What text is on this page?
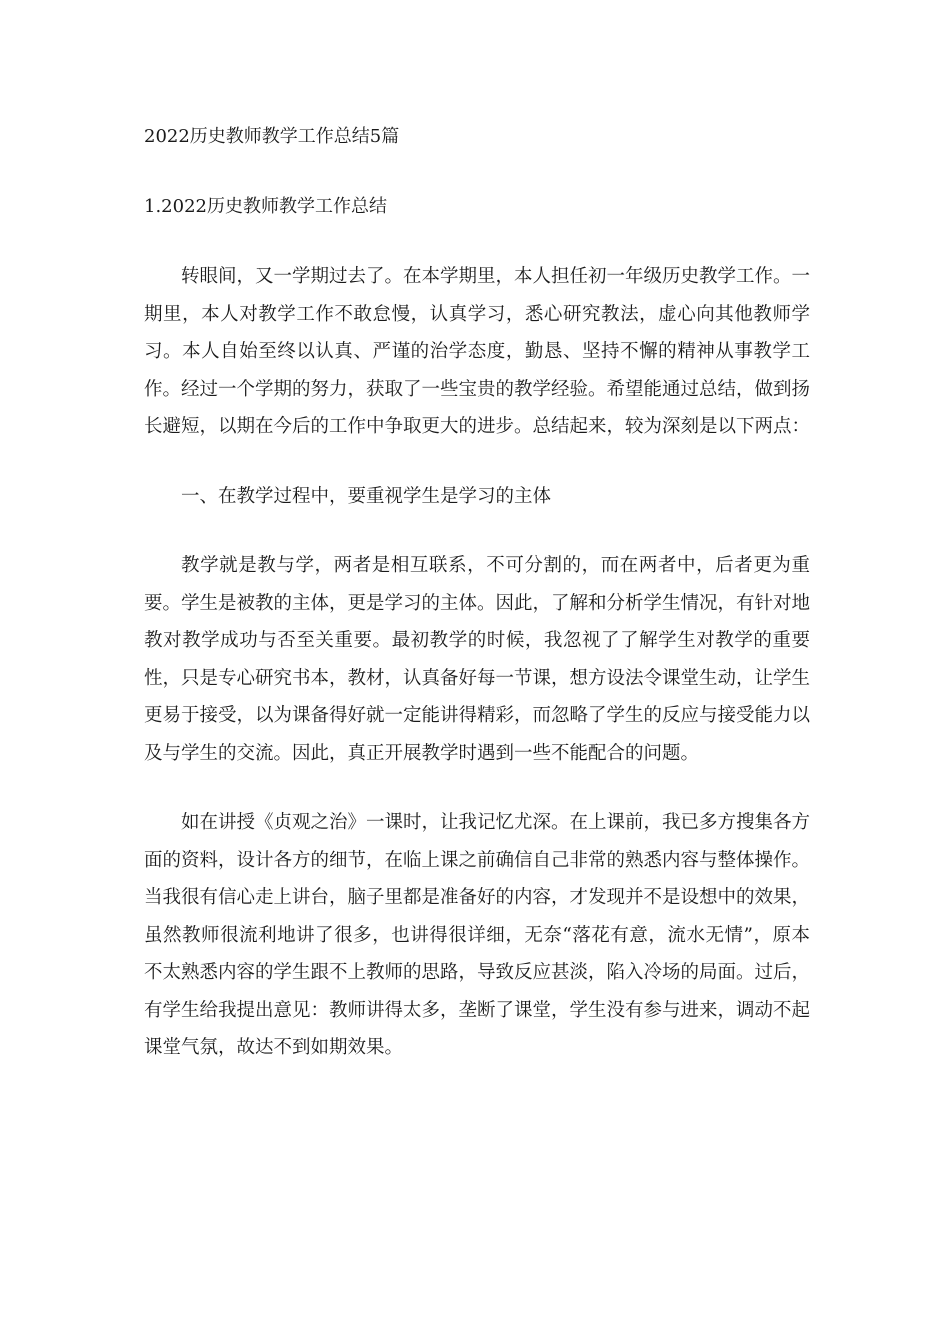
2022历史教师教学工作总结5篇
1.2022历史教师教学工作总结

转眼间，又一学期过去了。在本学期里，本人担任初一年级历史教学工作。一期里，本人对教学工作不敢怠慢，认真学习，悉心研究教法，虚心向其他教师学习。本人自始至终以认真、严谨的治学态度，勤恳、坚持不懈的精神从事教学工作。经过一个学期的努力，获取了一些宝贵的教学经验。希望能通过总结，做到扬长避短，以期在今后的工作中争取更大的进步。总结起来，较为深刻是以下两点：

一、在教学过程中，要重视学生是学习的主体

教学就是教与学，两者是相互联系，不可分割的，而在两者中，后者更为重要。学生是被教的主体，更是学习的主体。因此，了解和分析学生情况，有针对地教对教学成功与否至关重要。最初教学的时候，我忽视了了解学生对教学的重要性，只是专心研究书本，教材，认真备好每一节课，想方设法令课堂生动，让学生更易于接受，以为课备得好就一定能讲得精彩，而忽略了学生的反应与接受能力以及与学生的交流。因此，真正开展教学时遇到一些不能配合的问题。

如在讲授《贞观之治》一课时，让我记忆尤深。在上课前，我已多方搜集各方面的资料，设计各方的细节，在临上课之前确信自己非常的熟悉内容与整体操作。当我很有信心走上讲台，脑子里都是准备好的内容，才发现并不是设想中的效果，虽然教师很流利地讲了很多，也讲得很详细，无奈“落花有意，流水无情”，原本不太熟悉内容的学生跟不上教师的思路，导致反应甚淡，陷入冷场的局面。过后，有学生给我提出意见：教师讲得太多，垄断了课堂，学生没有参与进来，调动不起课堂气氛，故达不到如期效果。
